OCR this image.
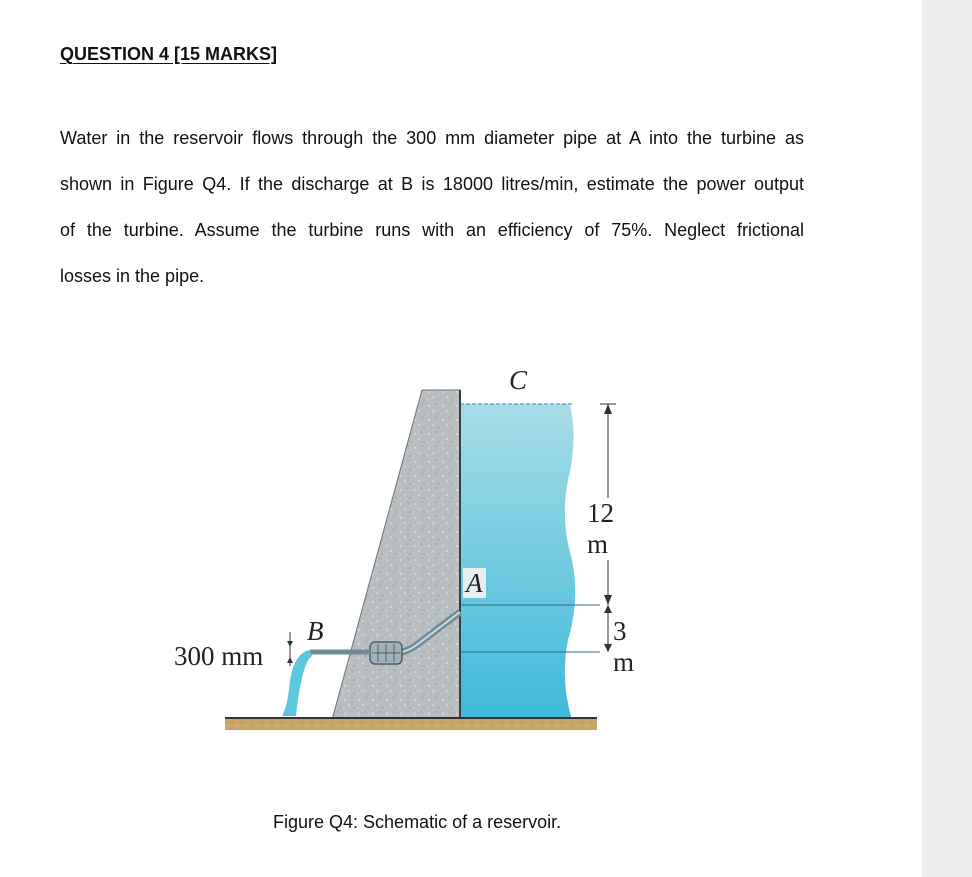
QUESTION 4 [15 MARKS]

Water in the reservoir flows through the 300 mm diameter pipe at A into the turbine as

shown in Figure Q4. If the discharge at B is 18000 litres/min, estimate the power output

of the turbine. Assume the turbine runs with an efficiency of 75%. Neglect frictional

losses in the pipe.

C
A
B
300 mm
12 m
3 m

Figure Q4: Schematic of a reservoir.
